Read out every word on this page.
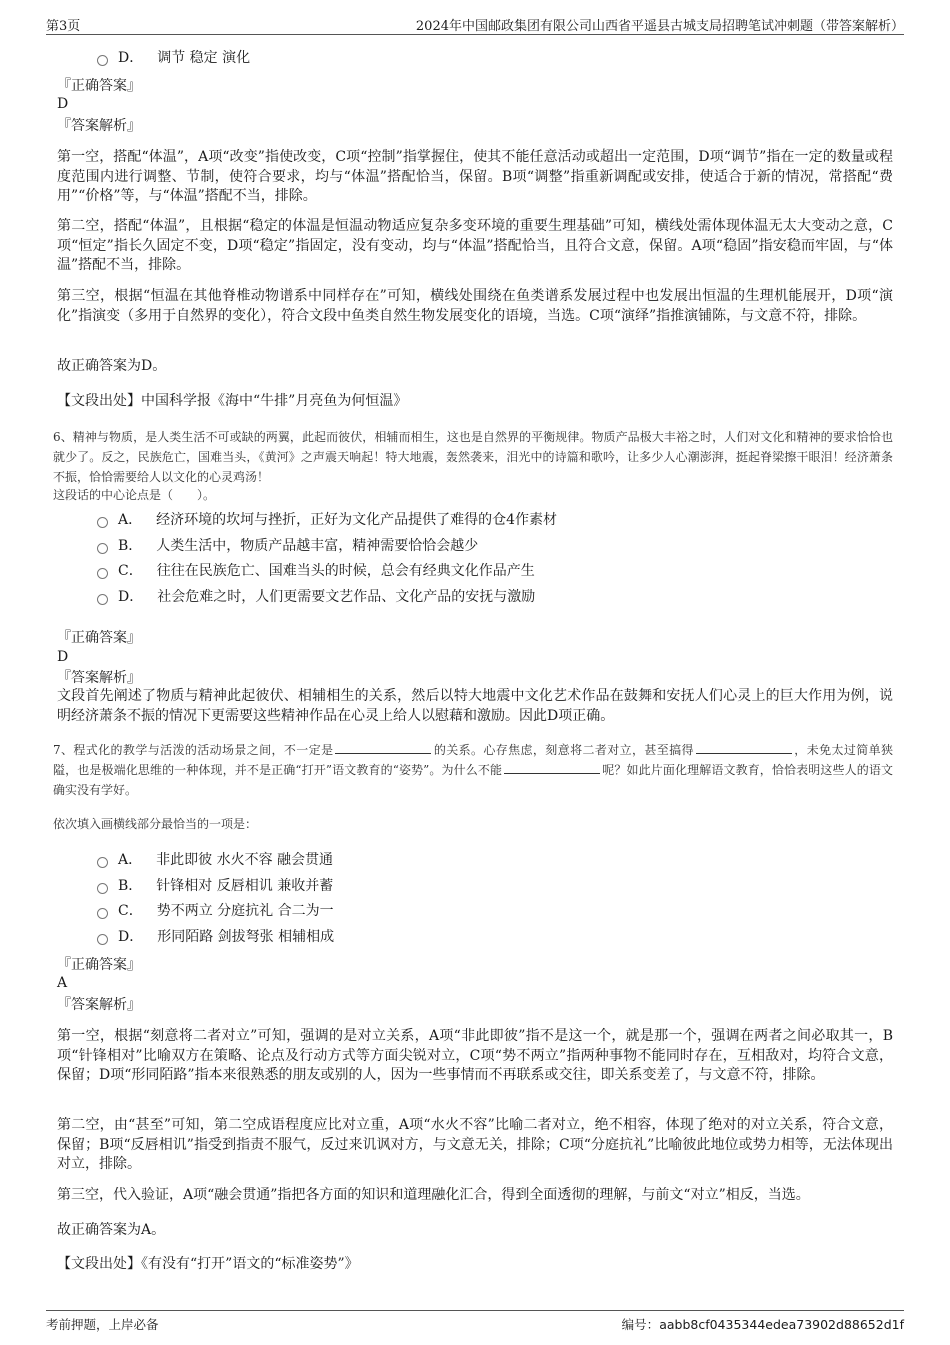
第3页	2024年中国邮政集团有限公司山西省平遥县古城支局招聘笔试冲刺题（带答案解析）
D． 调节 稳定 演化
『正确答案』
D
『答案解析』

第一空，搭配“体温”，A项“改变”指使改变，C项“控制”指掌握住，使其不能任意活动或超出一定范围，D项“调节”指在一定的数量或程度范围内进行调整、节制，使符合要求，均与“体温”搭配恰当，保留。B项“调整”指重新调配或安排，使适合于新的情况，常搭配“费用”“价格”等，与“体温”搭配不当，排除。

第二空，搭配“体温”，且根据“稳定的体温是恒温动物适应复杂多变环境的重要生理基础”可知，横线处需体现体温无太大变动之意，C项“恒定”指长久固定不变，D项“稳定”指固定，没有变动，均与“体温”搭配恰当，且符合文意，保留。A项“稳固”指安稳而牢固，与“体温”搭配不当，排除。

第三空，根据“恒温在其他脊椎动物谱系中同样存在”可知，横线处围绕在鱼类谱系发展过程中也发展出恒温的生理机能展开，D项“演化”指演变（多用于自然界的变化），符合文段中鱼类自然生物发展变化的语境，当选。C项“演绎”指推演铺陈，与文意不符，排除。

故正确答案为D。

【文段出处】中国科学报《海中“牛排”月亮鱼为何恒温》

6、精神与物质，是人类生活不可或缺的两翼，此起而彼伏，相辅而相生，这也是自然界的平衡规律。物质产品极大丰裕之时，人们对文化和精神的要求恰恰也就少了。反之，民族危亡，国难当头，《黄河》之声震天响起！特大地震，轰然袭来，泪光中的诗篇和歌吟，让多少人心潮澎湃，挺起脊梁擦干眼泪！经济萧条不振，恰恰需要给人以文化的心灵鸡汤！
这段话的中心论点是（　　）。
A． 经济环境的坎坷与挫折，正好为文化产品提供了难得的仓4作素材
B． 人类生活中，物质产品越丰富，精神需要恰恰会越少
C． 往往在民族危亡、国难当头的时候，总会有经典文化作品产生
D． 社会危难之时，人们更需要文艺作品、文化产品的安抚与激励
『正确答案』
D
『答案解析』

文段首先阐述了物质与精神此起彼伏、相辅相生的关系，然后以特大地震中文化艺术作品在鼓舞和安抚人们心灵上的巨大作用为例，说明经济萧条不振的情况下更需要这些精神作品在心灵上给人以慰藉和激励。因此D项正确。

7、程式化的教学与活泼的活动场景之间，不一定是	的关系。心存焦虑，刻意将二者对立，甚至搞得	，未免太过简单狭隘，也是极端化思维的一种体现，并不是正确“打开”语文教育的“姿势”。为什么不能	呢？如此片面化理解语文教育，恰恰表明这些人的语文确实没有学好。
依次填入画横线部分最恰当的一项是：
A． 非此即彼 水火不容 融会贯通
B． 针锋相对 反唇相讥 兼收并蓄
C． 势不两立 分庭抗礼 合二为一
D． 形同陌路 剑拔弩张 相辅相成
『正确答案』
A
『答案解析』

第一空，根据“刻意将二者对立”可知，强调的是对立关系，A项“非此即彼”指不是这一个，就是那一个，强调在两者之间必取其一，B项“针锋相对”比喻双方在策略、论点及行动方式等方面尖锐对立，C项“势不两立”指两种事物不能同时存在，互相敌对，均符合文意，保留；D项“形同陌路”指本来很熟悉的朋友或别的人，因为一些事情而不再联系或交往，即关系变差了，与文意不符，排除。

第二空，由“甚至”可知，第二空成语程度应比对立重，A项“水火不容”比喻二者对立，绝不相容，体现了绝对的对立关系，符合文意，保留；B项“反唇相讥”指受到指责不服气，反过来讥讽对方，与文意无关，排除；C项“分庭抗礼”比喻彼此地位或势力相等，无法体现出对立，排除。

第三空，代入验证，A项“融会贯通”指把各方面的知识和道理融化汇合，得到全面透彻的理解，与前文“对立”相反，当选。

故正确答案为A。

【文段出处】《有没有“打开”语文的“标准姿势”》

考前押题，上岸必备	编号：aabb8cf0435344edea73902d88652d1f
